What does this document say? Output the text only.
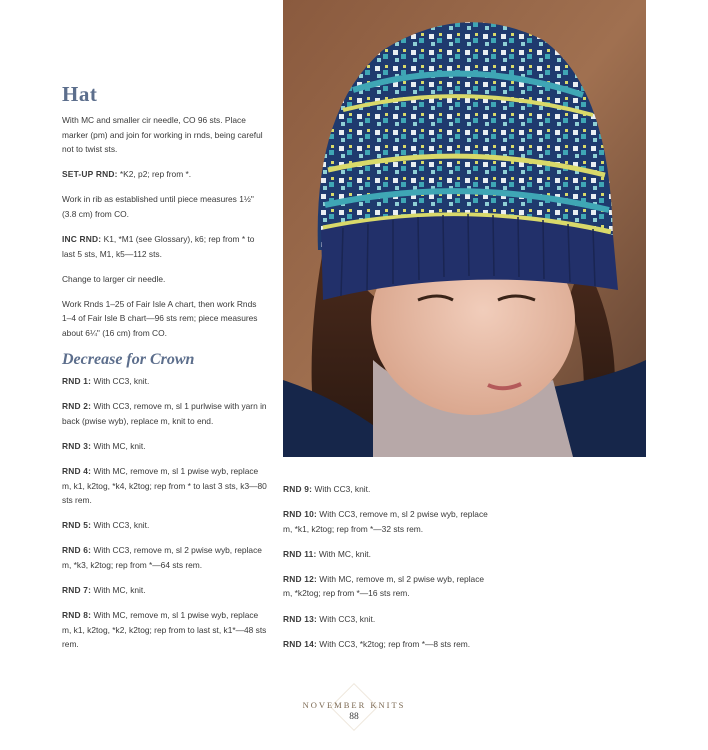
Hat

With MC and smaller cir needle, CO 96 sts. Place marker (pm) and join for working in rnds, being careful not to twist sts.

SET-UP RND: *K2, p2; rep from *.

Work in rib as established until piece measures 1½" (3.8 cm) from CO.

INC RND: K1, *M1 (see Glossary), k6; rep from * to last 5 sts, M1, k5—112 sts.

Change to larger cir needle.

Work Rnds 1–25 of Fair Isle A chart, then work Rnds 1–4 of Fair Isle B chart—96 sts rem; piece measures about 6¼" (16 cm) from CO.

Decrease for Crown

RND 1: With CC3, knit.

RND 2: With CC3, remove m, sl 1 purlwise with yarn in back (pwise wyb), replace m, knit to end.

RND 3: With MC, knit.

RND 4: With MC, remove m, sl 1 pwise wyb, replace m, k1, k2tog, *k4, k2tog; rep from * to last 3 sts, k3—80 sts rem.

RND 5: With CC3, knit.

RND 6: With CC3, remove m, sl 2 pwise wyb, replace m, *k3, k2tog; rep from *—64 sts rem.

RND 7: With MC, knit.

RND 8: With MC, remove m, sl 1 pwise wyb, replace m, k1, k2tog, *k2, k2tog; rep from to last st, k1*—48 sts rem.

RND 9: With CC3, knit.

RND 10: With CC3, remove m, sl 2 pwise wyb, replace m, *k1, k2tog; rep from *—32 sts rem.

RND 11: With MC, knit.

RND 12: With MC, remove m, sl 2 pwise wyb, replace m, *k2tog; rep from *—16 sts rem.

RND 13: With CC3, knit.

RND 14: With CC3, *k2tog; rep from *—8 sts rem.

NOVEMBER KNITS
88
